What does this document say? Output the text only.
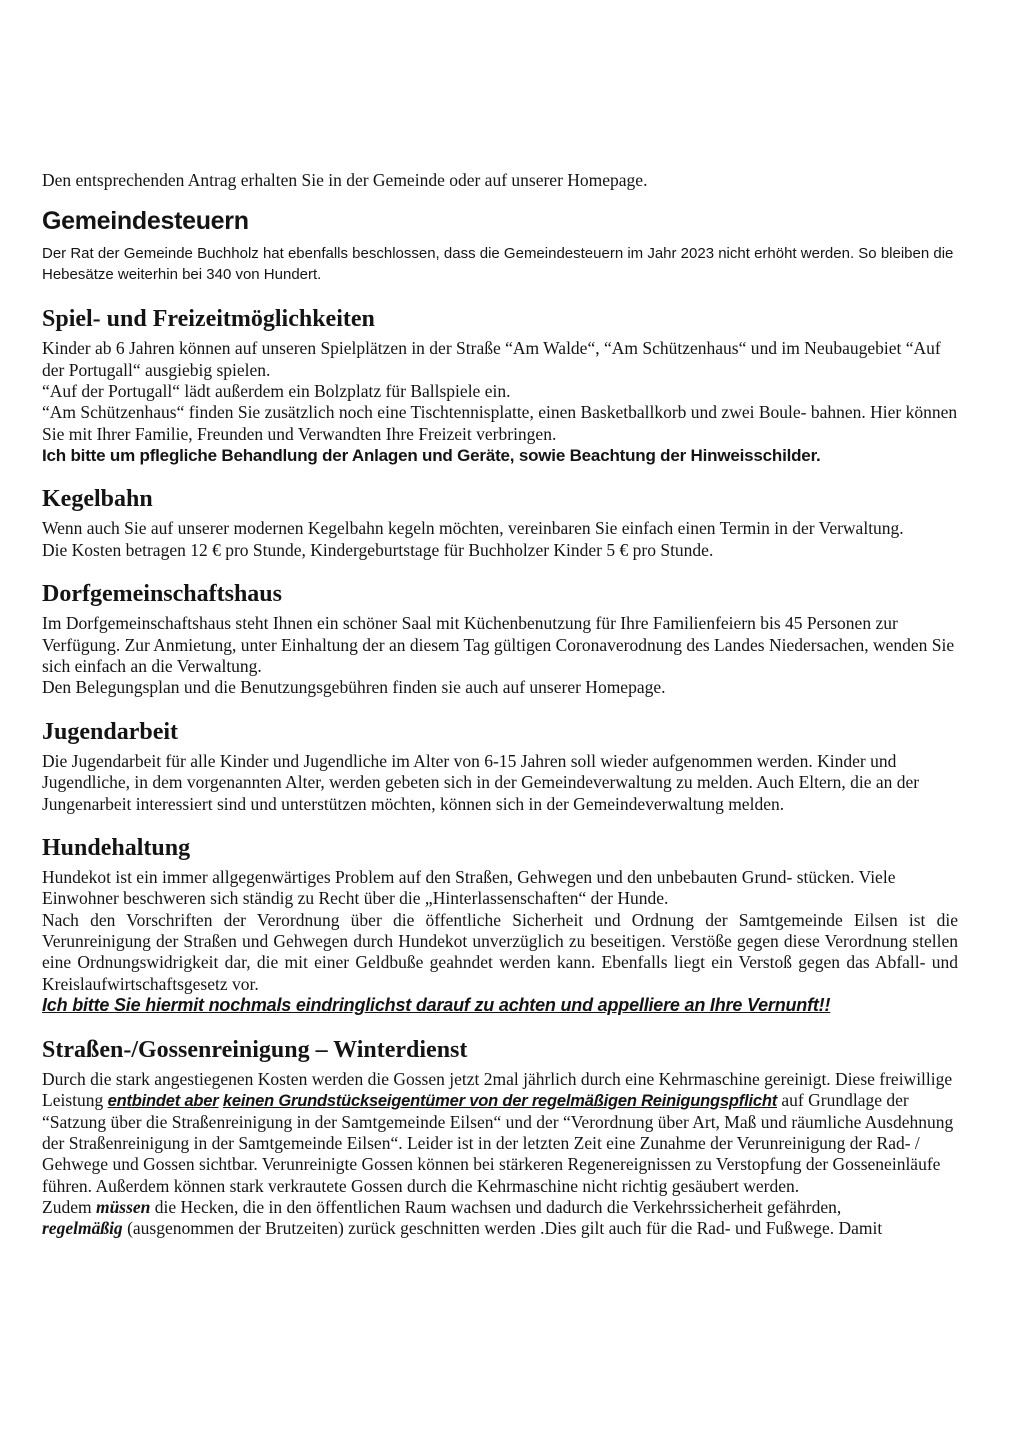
Den entsprechenden Antrag erhalten Sie in der Gemeinde oder auf unserer Homepage.

Gemeindesteuern

Der Rat der Gemeinde Buchholz hat ebenfalls beschlossen, dass die Gemeindesteuern im Jahr 2023 nicht erhöht werden. So bleiben die Hebesätze weiterhin bei 340 von Hundert.

Spiel- und Freizeitmöglichkeiten

Kinder ab 6 Jahren können auf unseren Spielplätzen in der Straße “Am Walde“, “Am Schützenhaus“ und im Neubaugebiet “Auf der Portugall“ ausgiebig spielen.

“Auf der Portugall“ lädt außerdem ein Bolzplatz für Ballspiele ein.

“Am Schützenhaus“ finden Sie zusätzlich noch eine Tischtennisplatte, einen Basketballkorb und zwei Boule- bahnen. Hier können Sie mit Ihrer Familie, Freunden und Verwandten Ihre Freizeit verbringen.

Ich bitte um pflegliche Behandlung der Anlagen und Geräte, sowie Beachtung der Hinweisschilder.

Kegelbahn

Wenn auch Sie auf unserer modernen Kegelbahn kegeln möchten, vereinbaren Sie einfach einen Termin in der Verwaltung.

Die Kosten betragen 12 € pro Stunde, Kindergeburtstage für Buchholzer Kinder 5 € pro Stunde.

Dorfgemeinschaftshaus

Im Dorfgemeinschaftshaus steht Ihnen ein schöner Saal mit Küchenbenutzung für Ihre Familienfeiern bis 45 Personen zur Verfügung. Zur Anmietung, unter Einhaltung der an diesem Tag gültigen Coronaverodnung des Landes Niedersachen, wenden Sie sich einfach an die Verwaltung.

Den Belegungsplan und die Benutzungsgebühren finden sie auch auf unserer Homepage.

Jugendarbeit

Die Jugendarbeit für alle Kinder und Jugendliche im Alter von 6-15 Jahren soll wieder aufgenommen werden. Kinder und Jugendliche, in dem vorgenannten Alter, werden gebeten sich in der Gemeindeverwaltung zu melden. Auch Eltern, die an der Jungenarbeit interessiert sind und unterstützen möchten, können sich in der Gemeindeverwaltung melden.

Hundehaltung

Hundekot ist ein immer allgegenwärtiges Problem auf den Straßen, Gehwegen und den unbebauten Grund- stücken. Viele Einwohner beschweren sich ständig zu Recht über die „Hinterlassenschaften“ der Hunde.

Nach den Vorschriften der Verordnung über die öffentliche Sicherheit und Ordnung der Samtgemeinde Eilsen ist die Verunreinigung der Straßen und Gehwegen durch Hundekot unverzüglich zu beseitigen. Verstöße gegen diese Verordnung stellen eine Ordnungswidrigkeit dar, die mit einer Geldbuße geahndet werden kann. Ebenfalls liegt ein Verstoß gegen das Abfall- und Kreislaufwirtschaftsgesetz vor.

Ich bitte Sie hiermit nochmals eindringlichst darauf zu achten und appelliere an Ihre Vernunft!!

Straßen-/Gossenreinigung – Winterdienst

Durch die stark angestiegenen Kosten werden die Gossen jetzt 2mal jährlich durch eine Kehrmaschine gereinigt. Diese freiwillige Leistung entbindet aber keinen Grundstückseigentümer von der regelmäßigen Reinigungspflicht auf Grundlage der “Satzung über die Straßenreinigung in der Samtgemeinde Eilsen“ und der “Verordnung über Art, Maß und räumliche Ausdehnung der Straßenreinigung in der Samtgemeinde Eilsen“. Leider ist in der letzten Zeit eine Zunahme der Verunreinigung der Rad- / Gehwege und Gossen sichtbar. Verunreinigte Gossen können bei stärkeren Regenereignissen zu Verstopfung der Gosseneinläufe führen. Außerdem können stark verkrautete Gossen durch die Kehrmaschine nicht richtig gesäubert werden.

Zudem müssen die Hecken, die in den öffentlichen Raum wachsen und dadurch die Verkehrssicherheit gefährden,

regelmäßig (ausgenommen der Brutzeiten) zurück geschnitten werden .Dies gilt auch für die Rad- und Fußwege. Damit
